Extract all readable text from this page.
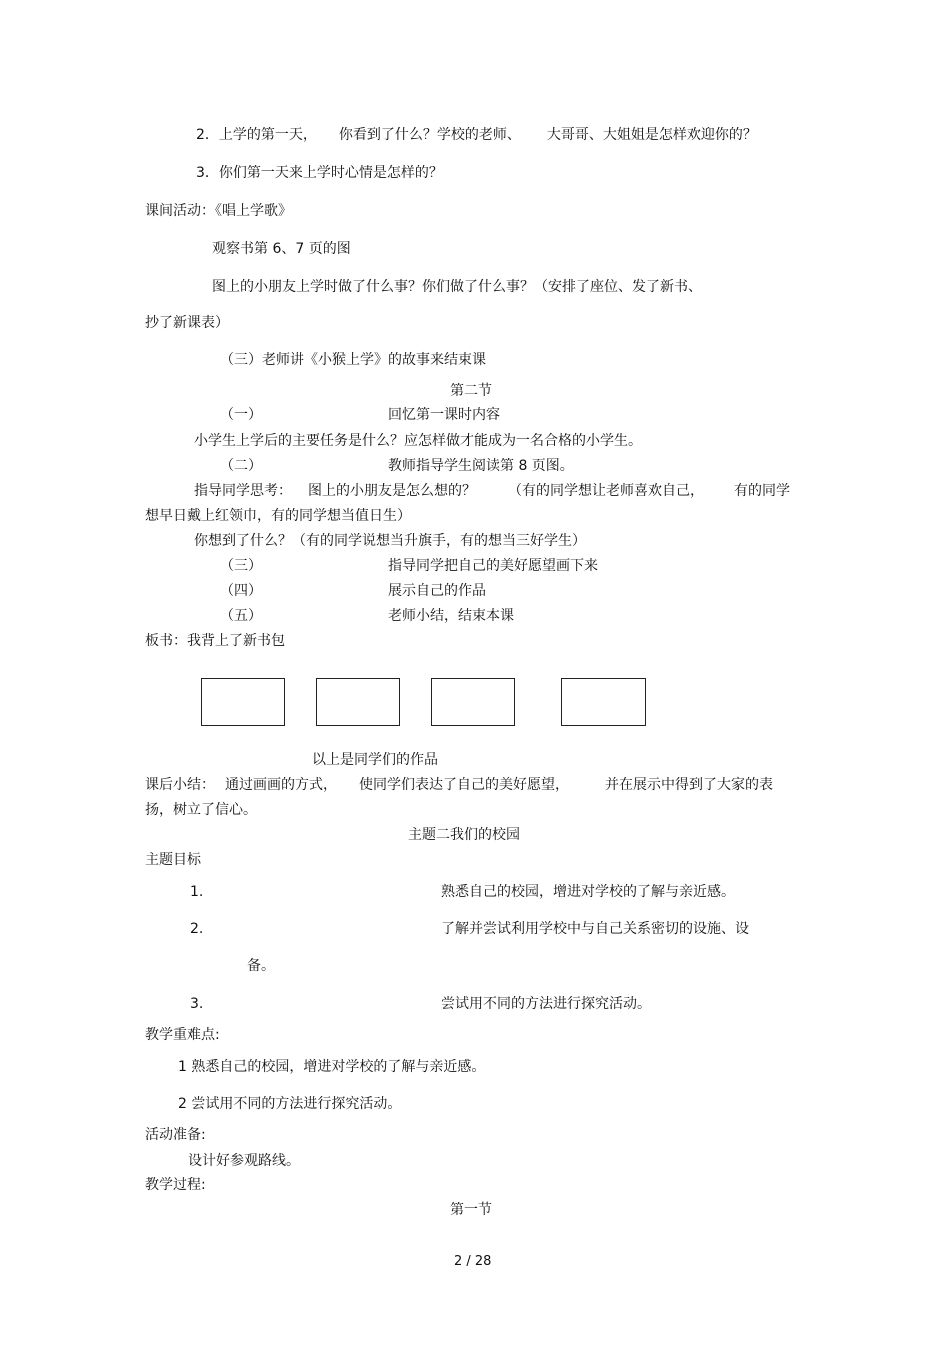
2．上学的第一天， 你看到了什么？学校的老师、 大哥哥、大姐姐是怎样欢迎你的？
3．你们第一天来上学时心情是怎样的？
课间活动：《唱上学歌》
观察书第 6、7 页的图
图上的小朋友上学时做了什么事？你们做了什么事？（安排了座位、发了新书、
抄了新课表）
（三）老师讲《小猴上学》的故事来结束课
第二节
（一）	回忆第一课时内容
小学生上学后的主要任务是什么？应怎样做才能成为一名合格的小学生。
（二）	教师指导学生阅读第 8 页图。
指导同学思考： 图上的小朋友是怎么想的？ （有的同学想让老师喜欢自己， 有的同学
想早日戴上红领巾，有的同学想当值日生）
你想到了什么？（有的同学说想当升旗手，有的想当三好学生）
（三）	指导同学把自己的美好愿望画下来
（四）	展示自己的作品
（五）	老师小结，结束本课
板书：我背上了新书包
以上是同学们的作品
课后小结： 通过画画的方式， 使同学们表达了自己的美好愿望，	并在展示中得到了大家的表
扬，树立了信心。
主题二我们的校园
主题目标
1.	熟悉自己的校园，增进对学校的了解与亲近感。
2.	了解并尝试利用学校中与自己关系密切的设施、设
备。
3.	尝试用不同的方法进行探究活动。
教学重难点:
1 熟悉自己的校园，增进对学校的了解与亲近感。
2 尝试用不同的方法进行探究活动。
活动准备:
设计好参观路线。
教学过程:
第一节
2 / 28
